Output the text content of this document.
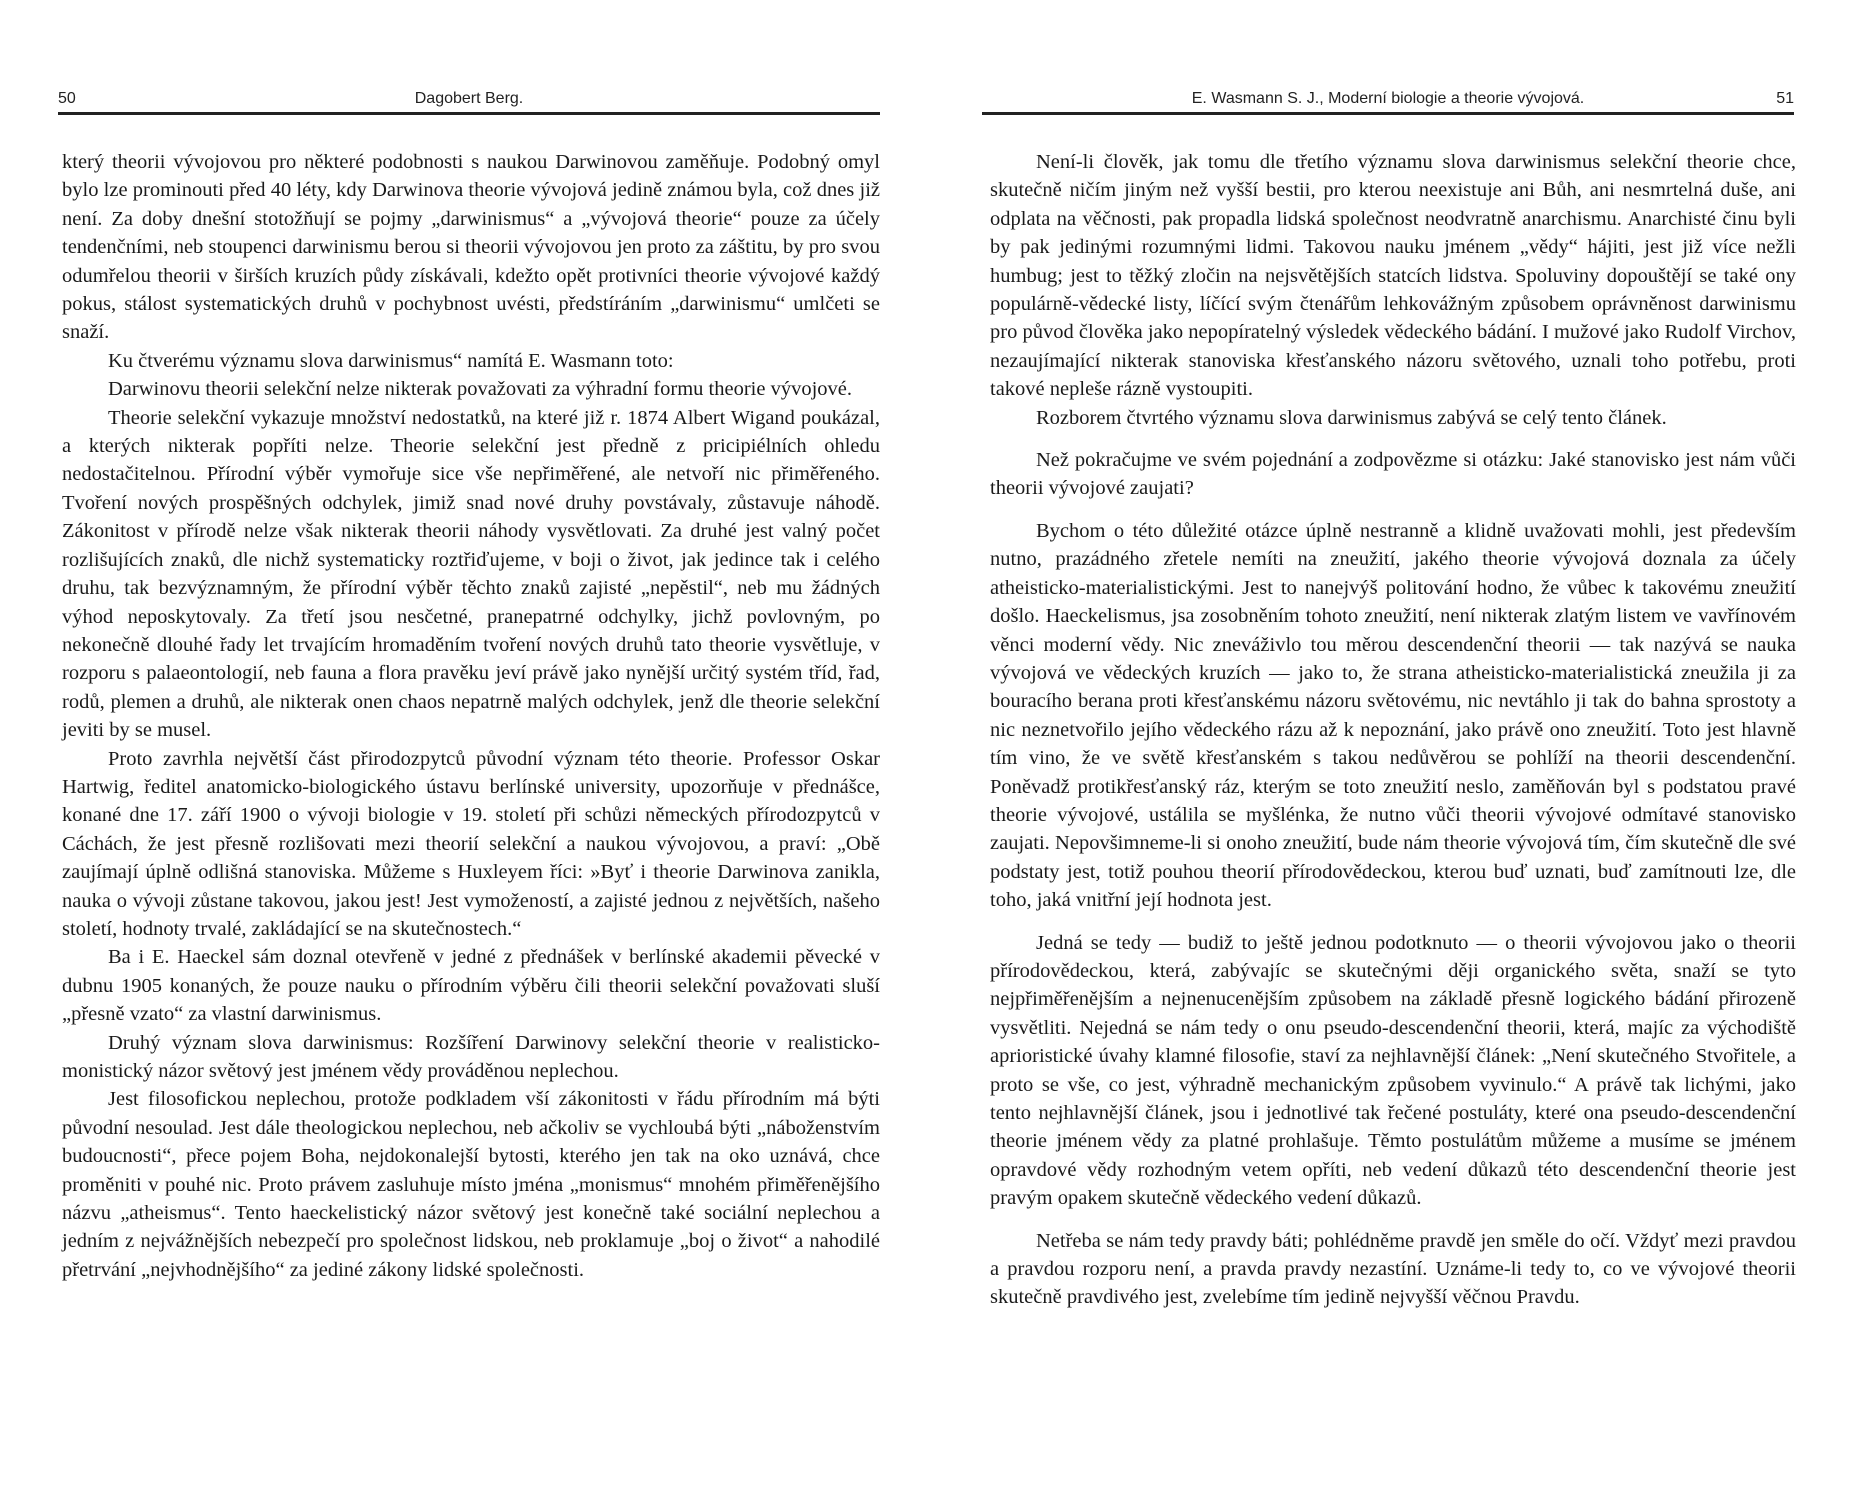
50	Dagobert Berg.

který theorii vývojovou pro některé podobnosti s naukou Darwinovou zaměňuje. Podobný omyl bylo lze prominouti před 40 léty, kdy Darwinova theorie vývojová jedině známou byla, což dnes již není. Za doby dnešní stotožňují se pojmy „darwinismus“ a „vývojová theorie“ pouze za účely tendenčními, neb stoupenci darwinismu berou si theorii vývojovou jen proto za záštitu, by pro svou odumřelou theorii v širších kruzích půdy získávali, kdežto opět protivníci theorie vývojové každý pokus, stálost systematických druhů v pochybnost uvésti, předstíráním „darwinismu“ umlčeti se snaží.

Ku čtverému významu slova darwinismus“ namítá E. Wasmann toto:

Darwinovu theorii selekční nelze nikterak považovati za výhradní formu theorie vývojové.

Theorie selekční vykazuje množství nedostatků, na které již r. 1874 Albert Wigand poukázal, a kterých nikterak popříti nelze. Theorie selekční jest předně z pricipiélních ohledu nedostačitelnou. Přírodní výběr vymořuje sice vše nepřiměřené, ale netvoří nic přiměřeného. Tvoření nových prospěšných odchylek, jimiž snad nové druhy povstávaly, zůstavuje náhodě. Zákonitost v přírodě nelze však nikterak theorii náhody vysvětlovati. Za druhé jest valný počet rozlišujících znaků, dle nichž systematicky roztřiďujeme, v boji o život, jak jedince tak i celého druhu, tak bezvýznamným, že přírodní výběr těchto znaků zajisté „nepěstil“, neb mu žádných výhod neposkytovaly. Za třetí jsou nesčetné, pranepatrné odchylky, jichž povlovným, po nekonečně dlouhé řady let trvajícím hromaděním tvoření nových druhů tato theorie vysvětluje, v rozporu s palaeontologií, neb fauna a flora pravěku jeví právě jako nynější určitý systém tříd, řad, rodů, plemen a druhů, ale nikterak onen chaos nepatrně malých odchylek, jenž dle theorie selekční jeviti by se musel.

Proto zavrhla největší část přirodozpytců původní význam této theorie. Professor Oskar Hartwig, ředitel anatomicko-biologického ústavu berlínské university, upozorňuje v přednášce, konané dne 17. září 1900 o vývoji biologie v 19. století při schůzi německých přírodozpytců v Cáchách, že jest přesně rozlišovati mezi theorií selekční a naukou vývojovou, a praví: „Obě zaujímají úplně odlišná stanoviska. Můžeme s Huxleyem říci: »Byť i theorie Darwinova zanikla, nauka o vývoji zůstane takovou, jakou jest! Jest vymožeností, a zajisté jednou z největších, našeho století, hodnoty trvalé, zakládající se na skutečnostech.“

Ba i E. Haeckel sám doznal otevřeně v jedné z přednášek v berlínské akademii pěvecké v dubnu 1905 konaných, že pouze nauku o přírodním výběru čili theorii selekční považovati sluší „přesně vzato“ za vlastní darwinismus.

Druhý význam slova darwinismus: Rozšíření Darwinovy selekční theorie v realisticko-monistický názor světový jest jménem vědy prováděnou neplechou.

Jest filosofickou neplechou, protože podkladem vší zákonitosti v řádu přírodním má býti původní nesoulad. Jest dále theologickou neplechou, neb ačkoliv se vychloubá býti „náboženstvím budoucnosti“, přece pojem Boha, nejdokonalejší bytosti, kterého jen tak na oko uznává, chce proměniti v pouhé nic. Proto právem zasluhuje místo jména „monismus“ mnohém přiměřenějšího názvu „atheismus“. Tento haeckelistický názor světový jest konečně také sociální neplechou a jedním z nejvážnějších nebezpečí pro společnost lidskou, neb proklamuje „boj o život“ a nahodilé přetrvání „nejvhodnějšího“ za jediné zákony lidské společnosti.

E. Wasmann S. J., Moderní biologie a theorie vývojová.	51

Není-li člověk, jak tomu dle třetího významu slova darwinismus selekční theorie chce, skutečně ničím jiným než vyšší bestii, pro kterou neexistuje ani Bůh, ani nesmrtelná duše, ani odplata na věčnosti, pak propadla lidská společnost neodvratně anarchismu. Anarchisté činu byli by pak jedinými rozumnými lidmi. Takovou nauku jménem „vědy“ hájiti, jest již více nežli humbug; jest to těžký zločin na nejsvětějších statcích lidstva. Spoluviny dopouštějí se také ony populárně-vědecké listy, líčící svým čtenářům lehkovážným způsobem oprávněnost darwinismu pro původ člověka jako nepopíratelný výsledek vědeckého bádání. I mužové jako Rudolf Virchov, nezaujímající nikterak stanoviska křesťanského názoru světového, uznali toho potřebu, proti takové neplešе rázně vystoupiti.

Rozborem čtvrtého významu slova darwinismus zabývá se celý tento článek.

Než pokračujme ve svém pojednání a zodpovězme si otázku: Jaké stanovisko jest nám vůči theorii vývojové zaujati?

Bychom o této důležité otázce úplně nestranně a klidně uvažovati mohli, jest především nutno, prazádného zřetele nemíti na zneužití, jakého theorie vývojová doznala za účely atheisticko-materialistickými. Jest to nanejvýš politování hodno, že vůbec k takovému zneužití došlo. Haeckelismus, jsa zosobněním tohoto zneužití, není nikterak zlatým listem ve vavřínovém věnci moderní vědy. Nic zneváživlo tou měrou descendenční theorii — tak nazývá se nauka vývojová ve vědeckých kruzích — jako to, že strana atheisticko-materialistická zneužila ji za bouracího berana proti křesťanskému názoru světovému, nic nevtáhlo ji tak do bahna sprostoty a nic neznetvořilo jejího vědeckého rázu až k nepoznání, jako právě ono zneužití. Toto jest hlavně tím vino, že ve světě křesťanském s takou nedůvěrou se pohlíží na theorii descendenční. Poněvadž protikřesťanský ráz, kterým se toto zneužití neslo, zaměňován byl s podstatou pravé theorie vývojové, ustálila se myšlénka, že nutno vůči theorii vývojové odmítavé stanovisko zaujati. Nepovšimneme-li si onoho zneužití, bude nám theorie vývojová tím, čím skutečně dle své podstaty jest, totiž pouhou theorií přírodovědeckou, kterou buď uznati, buď zamítnouti lze, dle toho, jaká vnitřní její hodnota jest.

Jedná se tedy — budiž to ještě jednou podotknuto — o theorii vývojovou jako o theorii přírodovědeckou, která, zabývajíc se skutečnými ději organického světa, snaží se tyto nejpřiměřenějším a nejnenucenějším způsobem na základě přesně logického bádání přirozeně vysvětliti. Nejedná se nám tedy o onu pseudo-descendenční theorii, která, majíc za východiště aprioristické úvahy klamné filosofie, staví za nejhlavnější článek: „Není skutečného Stvořitele, a proto se vše, co jest, výhradně mechanickým způsobem vyvinulo.“ A právě tak lichými, jako tento nejhlavnější článek, jsou i jednotlivé tak řečené postuláty, které ona pseudo-descendenční theorie jménem vědy za platné prohlašuje. Těmto postulátům můžeme a musíme se jménem opravdové vědy rozhodným vetem opříti, neb vedení důkazů této descendenční theorie jest pravým opakem skutečně vědeckého vedení důkazů.

Netřeba se nám tedy pravdy báti; pohlédněme pravdě jen směle do očí. Vždyť mezi pravdou a pravdou rozporu není, a pravda pravdy nezastíní. Uznáme-li tedy to, co ve vývojové theorii skutečně pravdivého jest, zvelebíme tím jedině nejvyšší věčnou Pravdu.
